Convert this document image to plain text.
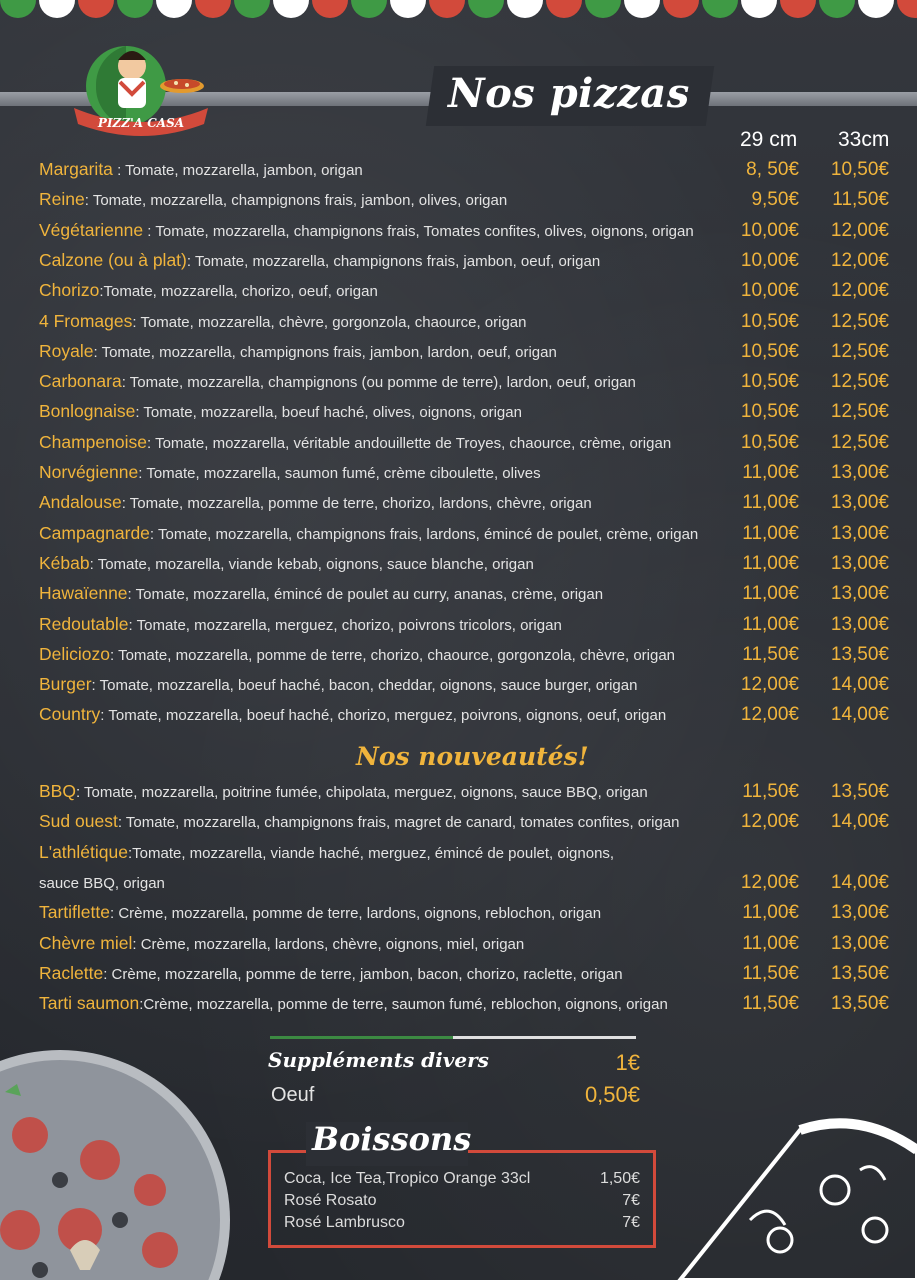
Nos pizzas
PIZZ'A CASA
29 cm 33cm
Margarita : Tomate, mozzarella, jambon, origan	8, 50€	10,50€
Reine: Tomate, mozzarella, champignons frais, jambon, olives, origan	9,50€	11,50€
Végétarienne : Tomate, mozzarella, champignons frais, Tomates confites, olives, oignons, origan	10,00€	12,00€
Calzone (ou à plat): Tomate, mozzarella, champignons frais, jambon, oeuf, origan	10,00€	12,00€
Chorizo:Tomate, mozzarella, chorizo, oeuf, origan	10,00€	12,00€
4 Fromages: Tomate, mozzarella, chèvre, gorgonzola, chaource, origan	10,50€	12,50€
Royale: Tomate, mozzarella, champignons frais, jambon, lardon, oeuf, origan	10,50€	12,50€
Carbonara: Tomate, mozzarella, champignons (ou pomme de terre), lardon, oeuf, origan	10,50€	12,50€
Bonlognaise: Tomate, mozzarella, boeuf haché, olives, oignons, origan	10,50€	12,50€
Champenoise: Tomate, mozzarella, véritable andouillette de Troyes, chaource, crème, origan	10,50€	12,50€
Norvégienne: Tomate, mozzarella, saumon fumé, crème ciboulette, olives	11,00€	13,00€
Andalouse: Tomate, mozzarella, pomme de terre, chorizo, lardons, chèvre, origan	11,00€	13,00€
Campagnarde: Tomate, mozzarella, champignons frais, lardons, émincé de poulet, crème, origan	11,00€	13,00€
Kébab: Tomate, mozarella, viande kebab, oignons, sauce blanche, origan	11,00€	13,00€
Hawaïenne: Tomate, mozzarella, émincé de poulet au curry, ananas, crème, origan	11,00€	13,00€
Redoutable: Tomate, mozzarella, merguez, chorizo, poivrons tricolors, origan	11,00€	13,00€
Deliciozo: Tomate, mozzarella, pomme de terre, chorizo, chaource, gorgonzola, chèvre, origan	11,50€	13,50€
Burger: Tomate, mozzarella, boeuf haché, bacon, cheddar, oignons, sauce burger, origan	12,00€	14,00€
Country: Tomate, mozzarella, boeuf haché, chorizo, merguez, poivrons, oignons, oeuf, origan	12,00€	14,00€
Nos nouveautés!
BBQ: Tomate, mozzarella, poitrine fumée, chipolata, merguez, oignons, sauce BBQ, origan	11,50€	13,50€
Sud ouest: Tomate, mozzarella, champignons frais, magret de canard, tomates confites, origan	12,00€	14,00€
L'athlétique:Tomate, mozzarella, viande haché, merguez, émincé de poulet, oignons,
sauce BBQ, origan	12,00€	14,00€
Tartiflette: Crème, mozzarella, pomme de terre, lardons, oignons, reblochon, origan	11,00€	13,00€
Chèvre miel: Crème, mozzarella, lardons, chèvre, oignons, miel, origan	11,00€	13,00€
Raclette: Crème, mozzarella, pomme de terre, jambon, bacon, chorizo, raclette, origan	11,50€	13,50€
Tarti saumon:Crème, mozzarella, pomme de terre, saumon fumé, reblochon, oignons, origan	11,50€	13,50€
Suppléments divers	1€
Oeuf	0,50€
Boissons
Coca, Ice Tea,Tropico Orange 33cl	1,50€
Rosé Rosato	7€
Rosé Lambrusco	7€
